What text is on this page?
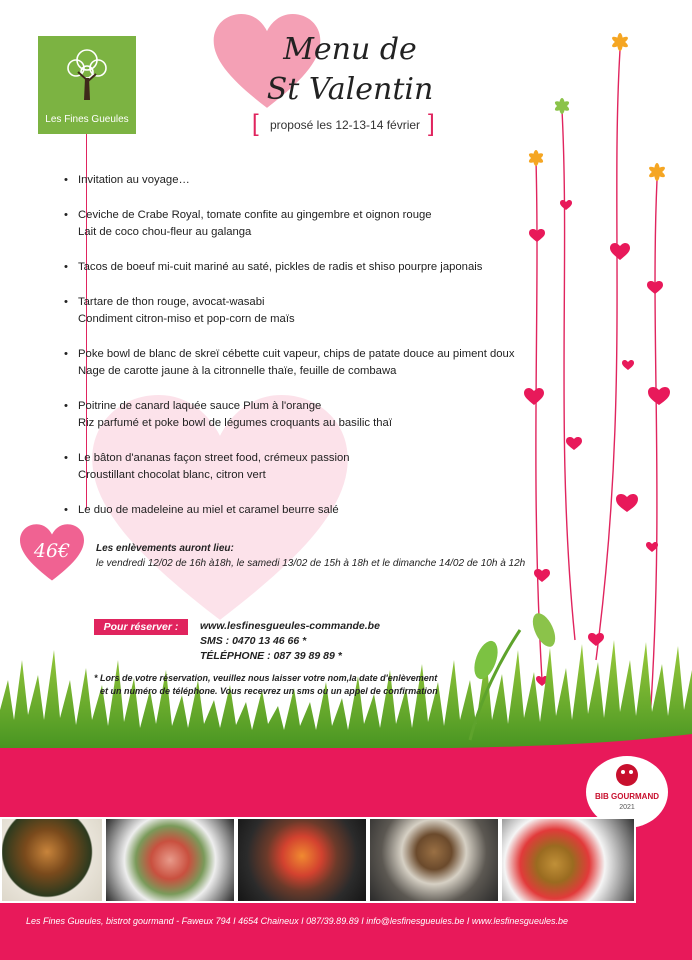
Les Fines Gueules
Menu de
St Valentin
[ proposé les 12-13-14 février ]
• Invitation au voyage…
• Ceviche de Crabe Royal, tomate confite au gingembre et oignon rouge
Lait de coco chou-fleur au galanga
• Tacos de boeuf mi-cuit mariné au saté, pickles de radis et shiso pourpre japonais
• Tartare de thon rouge, avocat-wasabi
Condiment citron-miso et pop-corn de maïs
• Poke bowl de blanc de skreï cébette cuit vapeur, chips de patate douce au piment doux
Nage de carotte jaune à la citronnelle thaïe, feuille de combawa
• Poitrine de canard laquée sauce Plum à l'orange
Riz parfumé et poke bowl de légumes croquants au basilic thaï
• Le bâton d'ananas façon street food, crémeux passion
Croustillant chocolat blanc, citron vert
• Le duo de madeleine au miel et caramel beurre salé
46€	Les enlèvements auront lieu:
le vendredi 12/02 de 16h à18h, le samedi 13/02 de 15h à 18h et le dimanche 14/02 de 10h à 12h
Pour réserver :	www.lesfinesgueules-commande.be
SMS : 0470 13 46 66 *
TÉLÉPHONE : 087 39 89 89 *
* Lors de votre réservation, veuillez nous laisser votre nom,la date d'enlèvement
et un numéro de téléphone. Vous recevrez un sms ou un appel de confirmation
BIB GOURMAND
2021
Les Fines Gueules, bistrot gourmand - Faweux 794 I 4654 Chaineux I 087/39.89.89 I info@lesfinesgueules.be I www.lesfinesgueules.be
